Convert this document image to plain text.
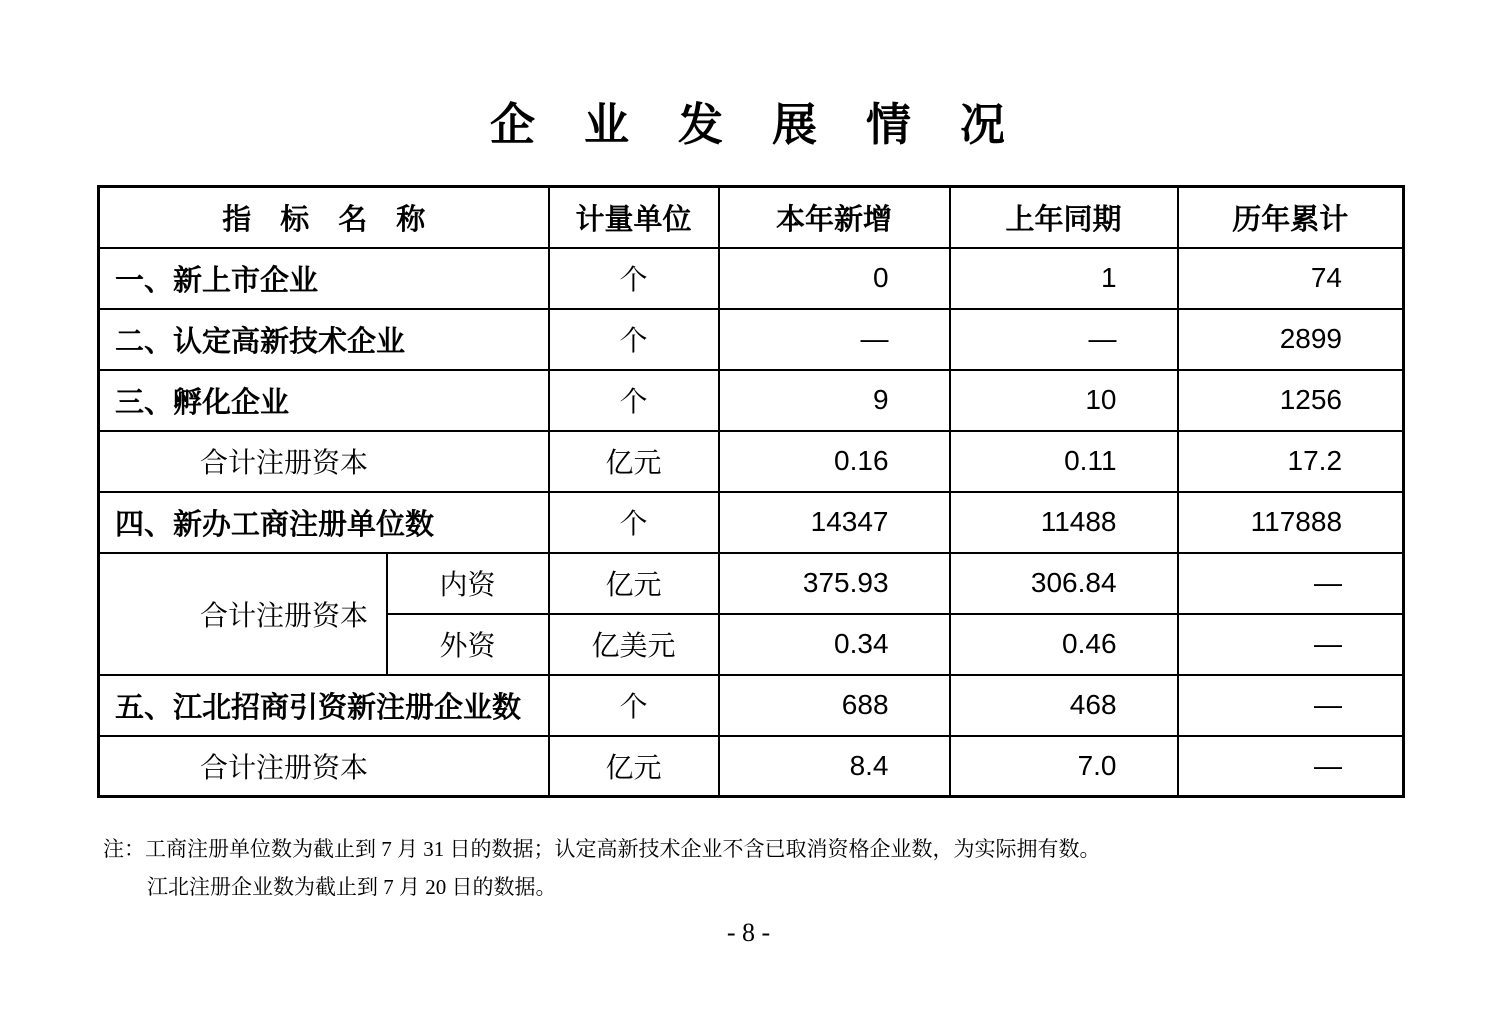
企　业　发　展　情　况
指　标　名　称		计量单位	本年新增	上年同期	历年累计
一、新上市企业		个	0	1	74
二、认定高新技术企业		个	—	—	2899
三、孵化企业		个	9	10	1256
合计注册资本		亿元	0.16	0.11	17.2
四、新办工商注册单位数		个	14347	11488	117888
合计注册资本	内资	亿元	375.93	306.84	—
	外资	亿美元	0.34	0.46	—
五、江北招商引资新注册企业数		个	688	468	—
合计注册资本		亿元	8.4	7.0	—
注：工商注册单位数为截止到 7 月 31 日的数据；认定高新技术企业不含已取消资格企业数，为实际拥有数。
江北注册企业数为截止到 7 月 20 日的数据。
- 8 -
